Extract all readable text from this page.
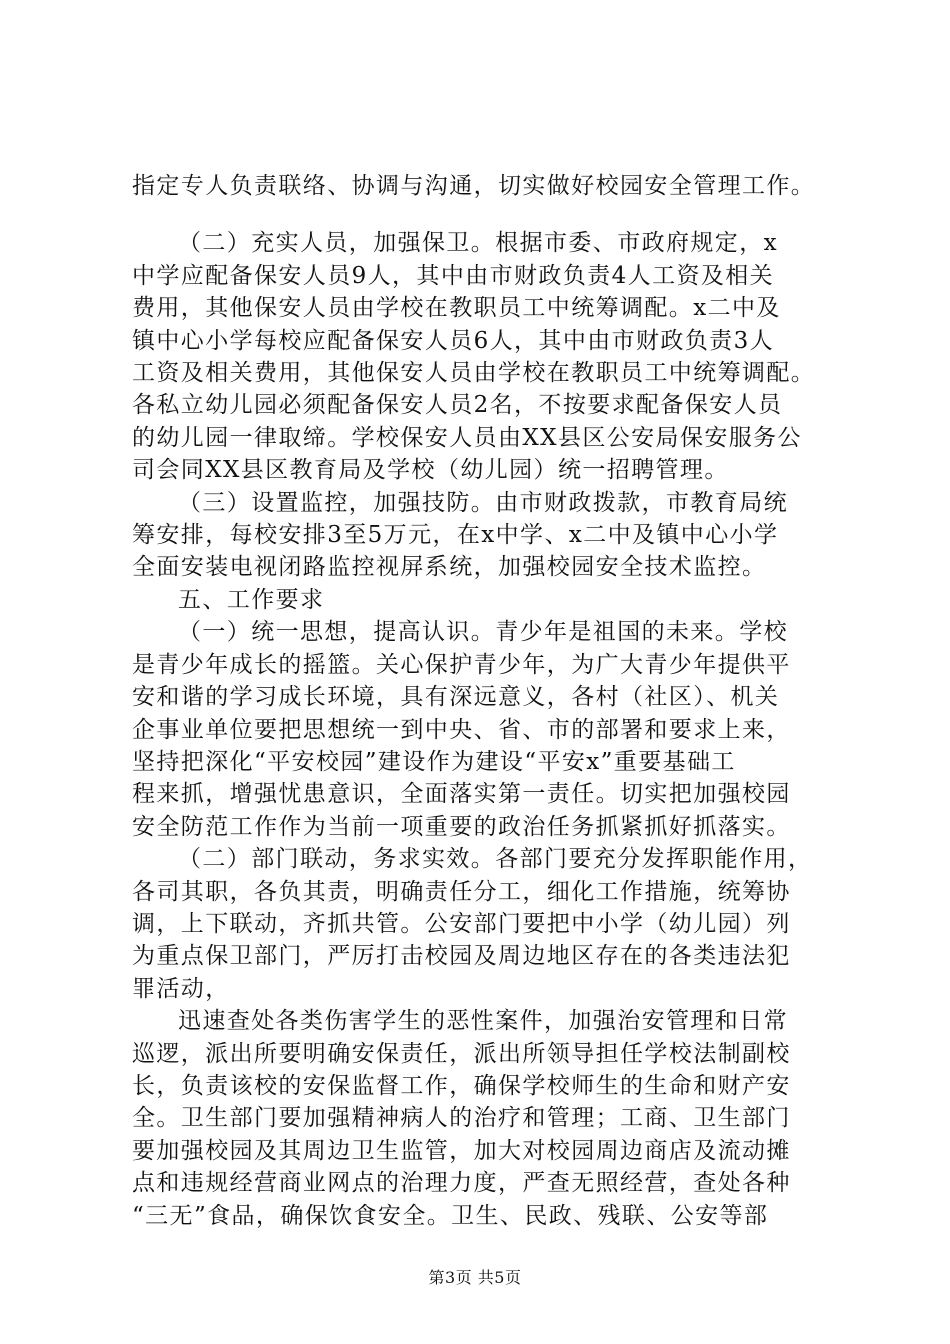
指定专人负责联络、协调与沟通，切实做好校园安全管理工作。
（二）充实人员，加强保卫。根据市委、市政府规定，x
中学应配备保安人员9人，其中由市财政负责4人工资及相关
费用，其他保安人员由学校在教职员工中统筹调配。x二中及
镇中心小学每校应配备保安人员6人，其中由市财政负责3人
工资及相关费用，其他保安人员由学校在教职员工中统筹调配。
各私立幼儿园必须配备保安人员2名，不按要求配备保安人员
的幼儿园一律取缔。学校保安人员由XX县区公安局保安服务公
司会同XX县区教育局及学校（幼儿园）统一招聘管理。
（三）设置监控，加强技防。由市财政拨款，市教育局统
筹安排，每校安排3至5万元，在x中学、x二中及镇中心小学
全面安装电视闭路监控视屏系统，加强校园安全技术监控。
五、工作要求
（一）统一思想，提高认识。青少年是祖国的未来。学校
是青少年成长的摇篮。关心保护青少年，为广大青少年提供平
安和谐的学习成长环境，具有深远意义，各村（社区）、机关
企事业单位要把思想统一到中央、省、市的部署和要求上来，
坚持把深化“平安校园”建设作为建设“平安x”重要基础工
程来抓，增强忧患意识，全面落实第一责任。切实把加强校园
安全防范工作作为当前一项重要的政治任务抓紧抓好抓落实。
（二）部门联动，务求实效。各部门要充分发挥职能作用，
各司其职，各负其责，明确责任分工，细化工作措施，统筹协
调，上下联动，齐抓共管。公安部门要把中小学（幼儿园）列
为重点保卫部门，严厉打击校园及周边地区存在的各类违法犯
罪活动，
迅速查处各类伤害学生的恶性案件，加强治安管理和日常
巡逻，派出所要明确安保责任，派出所领导担任学校法制副校
长，负责该校的安保监督工作，确保学校师生的生命和财产安
全。卫生部门要加强精神病人的治疗和管理；工商、卫生部门
要加强校园及其周边卫生监管，加大对校园周边商店及流动摊
点和违规经营商业网点的治理力度，严查无照经营，查处各种
“三无”食品，确保饮食安全。卫生、民政、残联、公安等部
第3页 共5页
